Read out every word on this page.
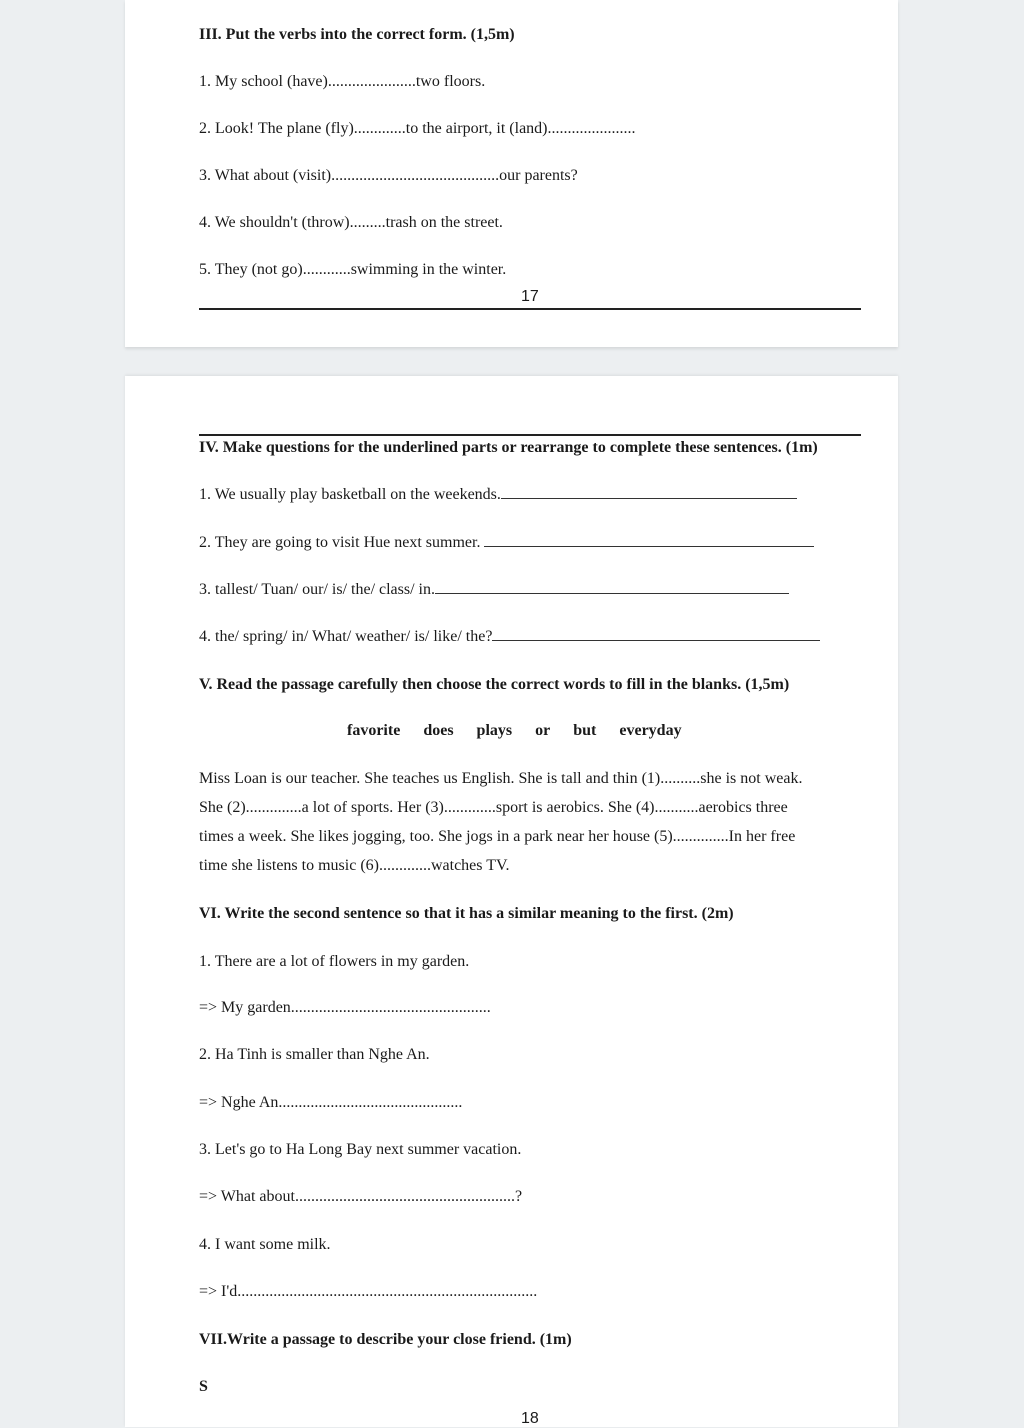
III. Put the verbs into the correct form. (1,5m)
1. My school (have)......................two floors.
2. Look! The plane (fly).............to the airport, it (land)......................
3. What about (visit)..........................................our parents?
4. We shouldn't (throw).........trash on the street.
5. They (not go)............swimming in the winter.
17
IV. Make questions for the underlined parts or rearrange to complete these sentences. (1m)
1. We usually play basketball on the weekends.
2. They are going to visit Hue next summer.
3. tallest/ Tuan/ our/ is/ the/ class/ in.
4. the/ spring/ in/ What/ weather/ is/ like/ the?
V. Read the passage carefully then choose the correct words to fill in the blanks. (1,5m)
favorite does plays or but everyday
Miss Loan is our teacher. She teaches us English. She is tall and thin (1)..........she is not weak.
She (2)..............a lot of sports. Her (3).............sport is aerobics. She (4)...........aerobics three
times a week. She likes jogging, too. She jogs in a park near her house (5)..............In her free
time she listens to music (6).............watches TV.
VI. Write the second sentence so that it has a similar meaning to the first. (2m)
1. There are a lot of flowers in my garden.
=> My garden..................................................
2. Ha Tinh is smaller than Nghe An.
=> Nghe An..............................................
3. Let's go to Ha Long Bay next summer vacation.
=> What about.......................................................?
4. I want some milk.
=> I'd...........................................................................
VII.Write a passage to describe your close friend. (1m)
S
18
